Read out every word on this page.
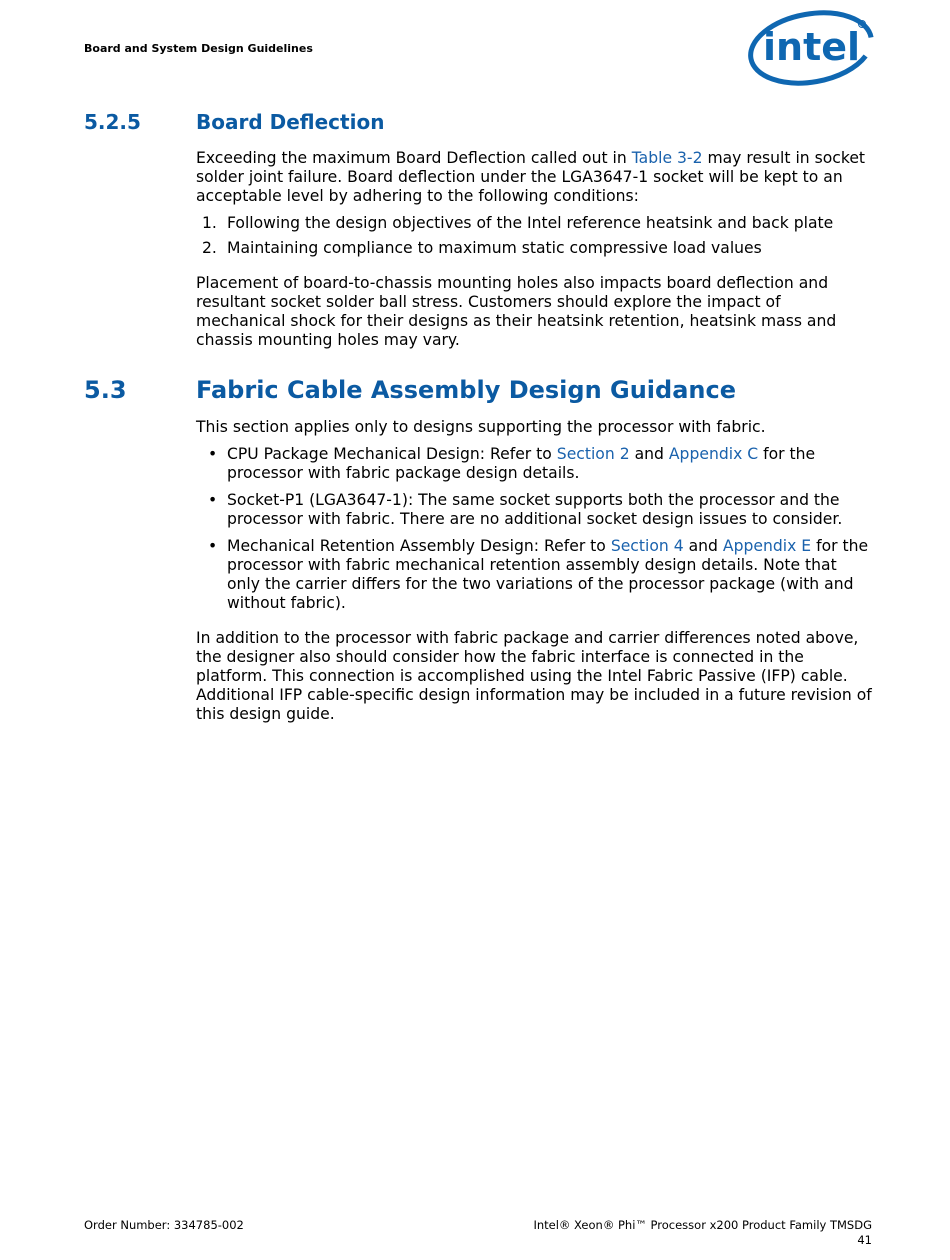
Board and System Design Guidelines	intel
5.2.5	Board Deflection

Exceeding the maximum Board Deflection called out in Table 3-2 may result in socket solder joint failure. Board deflection under the LGA3647-1 socket will be kept to an acceptable level by adhering to the following conditions:

1. Following the design objectives of the Intel reference heatsink and back plate
2. Maintaining compliance to maximum static compressive load values

Placement of board-to-chassis mounting holes also impacts board deflection and resultant socket solder ball stress. Customers should explore the impact of mechanical shock for their designs as their heatsink retention, heatsink mass and chassis mounting holes may vary.

5.3	Fabric Cable Assembly Design Guidance

This section applies only to designs supporting the processor with fabric.

• CPU Package Mechanical Design: Refer to Section 2 and Appendix C for the processor with fabric package design details.
• Socket-P1 (LGA3647-1): The same socket supports both the processor and the processor with fabric. There are no additional socket design issues to consider.
• Mechanical Retention Assembly Design: Refer to Section 4 and Appendix E for the processor with fabric mechanical retention assembly design details. Note that only the carrier differs for the two variations of the processor package (with and without fabric).

In addition to the processor with fabric package and carrier differences noted above, the designer also should consider how the fabric interface is connected in the platform. This connection is accomplished using the Intel Fabric Passive (IFP) cable. Additional IFP cable-specific design information may be included in a future revision of this design guide.

Order Number: 334785-002	Intel® Xeon® Phi™ Processor x200 Product Family TMSDG
41
